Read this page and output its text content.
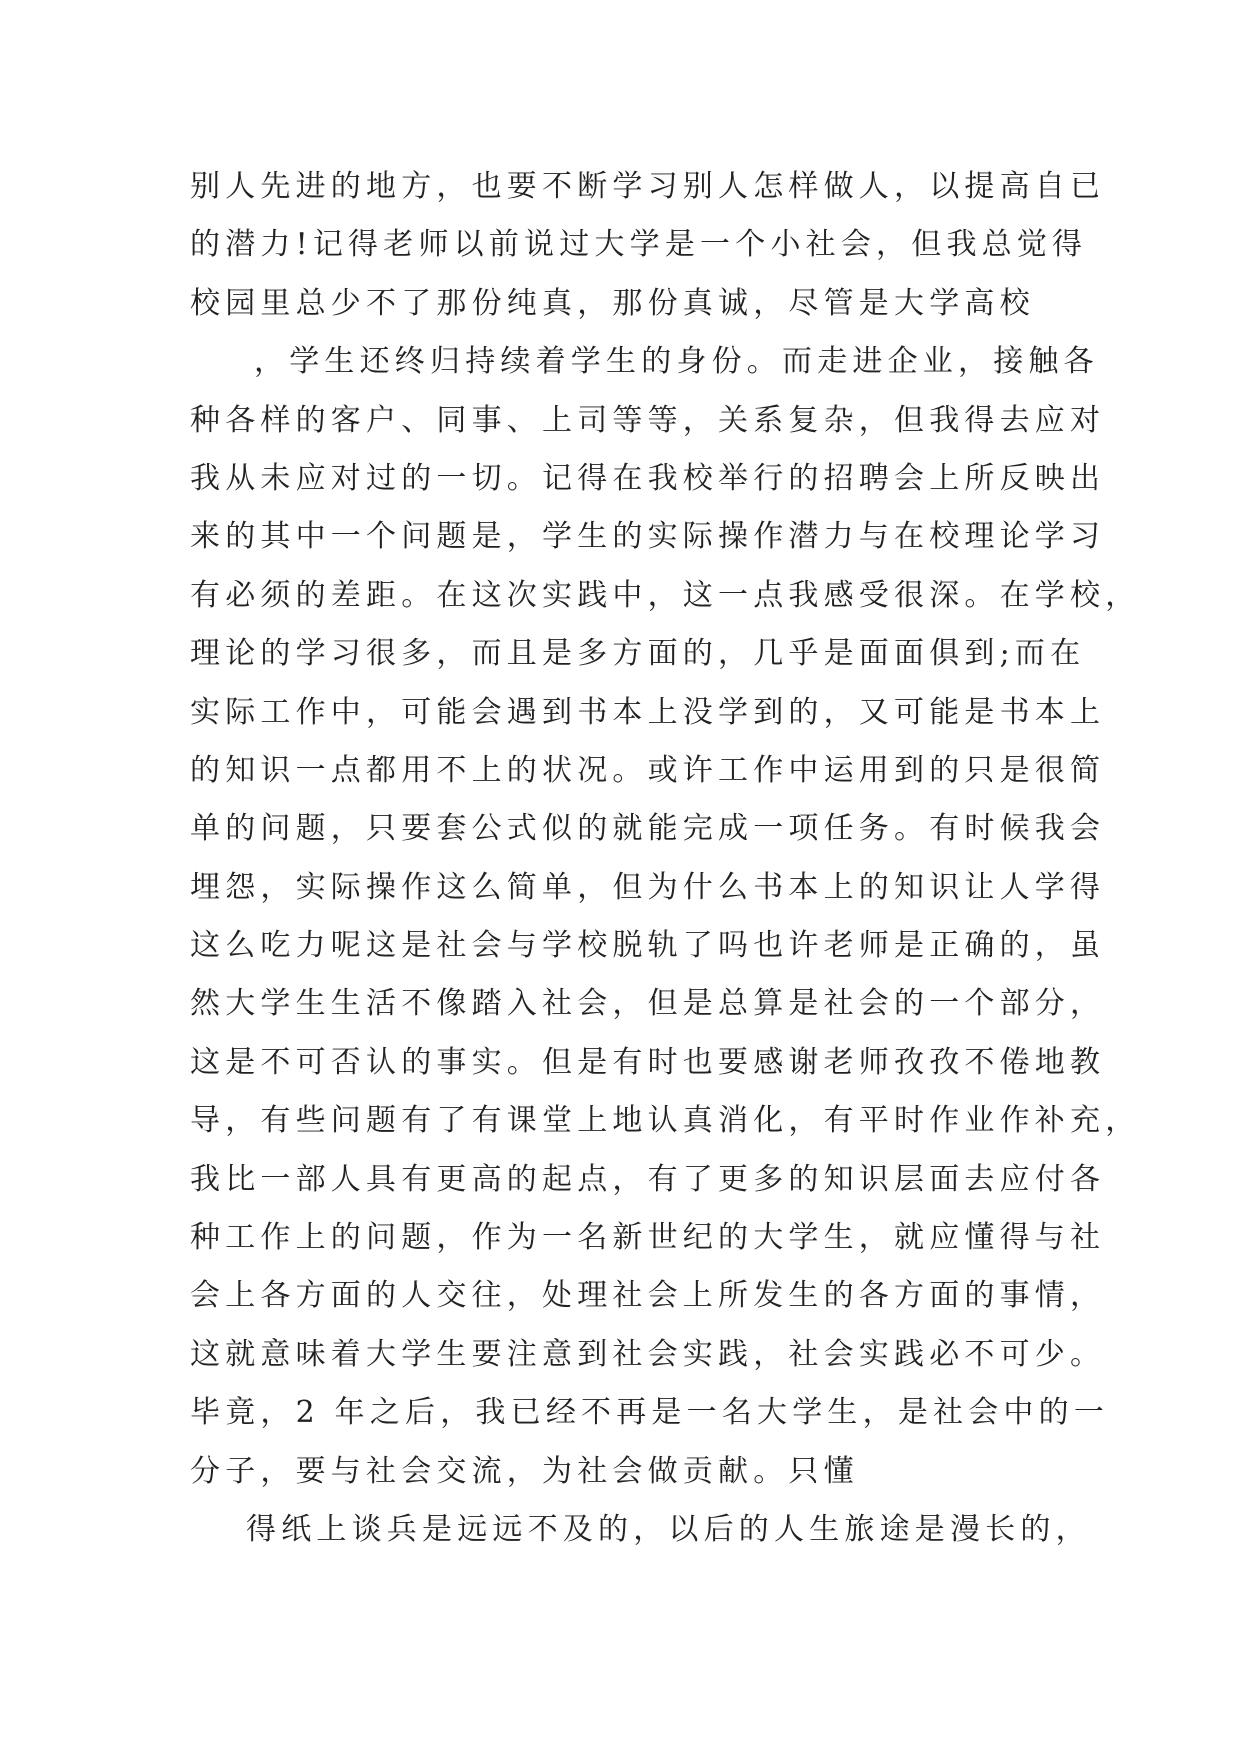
别人先进的地方，也要不断学习别人怎样做人，以提高自已
的潜力!记得老师以前说过大学是一个小社会，但我总觉得
校园里总少不了那份纯真，那份真诚，尽管是大学高校
，学生还终归持续着学生的身份。而走进企业，接触各
种各样的客户、同事、上司等等，关系复杂，但我得去应对
我从未应对过的一切。记得在我校举行的招聘会上所反映出
来的其中一个问题是，学生的实际操作潜力与在校理论学习
有必须的差距。在这次实践中，这一点我感受很深。在学校，
理论的学习很多，而且是多方面的，几乎是面面俱到;而在
实际工作中，可能会遇到书本上没学到的，又可能是书本上
的知识一点都用不上的状况。或许工作中运用到的只是很简
单的问题，只要套公式似的就能完成一项任务。有时候我会
埋怨，实际操作这么简单，但为什么书本上的知识让人学得
这么吃力呢这是社会与学校脱轨了吗也许老师是正确的，虽
然大学生生活不像踏入社会，但是总算是社会的一个部分，
这是不可否认的事实。但是有时也要感谢老师孜孜不倦地教
导，有些问题有了有课堂上地认真消化，有平时作业作补充，
我比一部人具有更高的起点，有了更多的知识层面去应付各
种工作上的问题，作为一名新世纪的大学生，就应懂得与社
会上各方面的人交往，处理社会上所发生的各方面的事情，
这就意味着大学生要注意到社会实践，社会实践必不可少。
毕竟，2 年之后，我已经不再是一名大学生，是社会中的一
分子，要与社会交流，为社会做贡献。只懂
得纸上谈兵是远远不及的，以后的人生旅途是漫长的，
